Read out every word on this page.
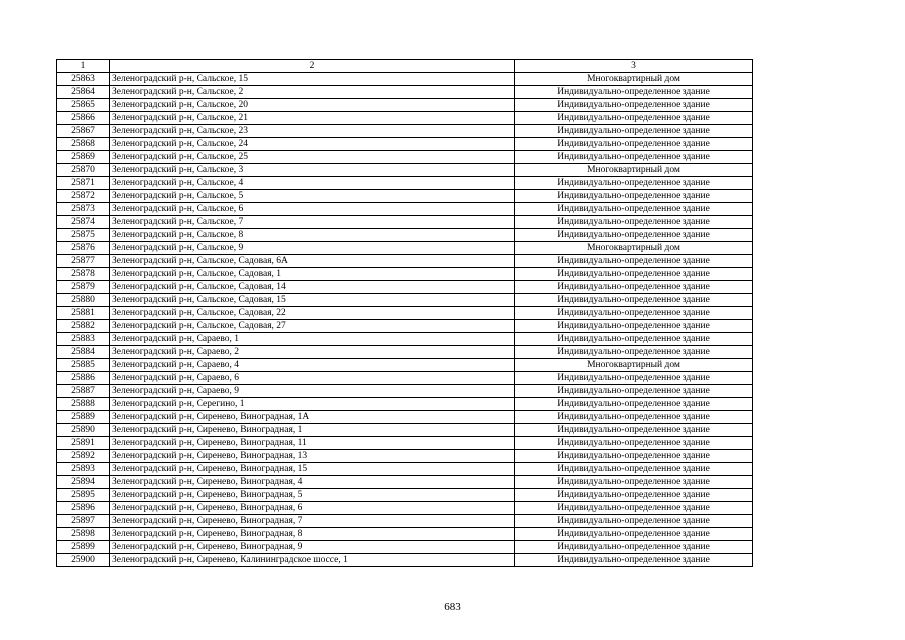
1	2	3
25863	Зеленоградский р-н, Сальское, 15	Многоквартирный дом
25864	Зеленоградский р-н, Сальское, 2	Индивидуально-определенное здание
25865	Зеленоградский р-н, Сальское, 20	Индивидуально-определенное здание
25866	Зеленоградский р-н, Сальское, 21	Индивидуально-определенное здание
25867	Зеленоградский р-н, Сальское, 23	Индивидуально-определенное здание
25868	Зеленоградский р-н, Сальское, 24	Индивидуально-определенное здание
25869	Зеленоградский р-н, Сальское, 25	Индивидуально-определенное здание
25870	Зеленоградский р-н, Сальское, 3	Многоквартирный дом
25871	Зеленоградский р-н, Сальское, 4	Индивидуально-определенное здание
25872	Зеленоградский р-н, Сальское, 5	Индивидуально-определенное здание
25873	Зеленоградский р-н, Сальское, 6	Индивидуально-определенное здание
25874	Зеленоградский р-н, Сальское, 7	Индивидуально-определенное здание
25875	Зеленоградский р-н, Сальское, 8	Индивидуально-определенное здание
25876	Зеленоградский р-н, Сальское, 9	Многоквартирный дом
25877	Зеленоградский р-н, Сальское, Садовая, 6А	Индивидуально-определенное здание
25878	Зеленоградский р-н, Сальское, Садовая, 1	Индивидуально-определенное здание
25879	Зеленоградский р-н, Сальское, Садовая, 14	Индивидуально-определенное здание
25880	Зеленоградский р-н, Сальское, Садовая, 15	Индивидуально-определенное здание
25881	Зеленоградский р-н, Сальское, Садовая, 22	Индивидуально-определенное здание
25882	Зеленоградский р-н, Сальское, Садовая, 27	Индивидуально-определенное здание
25883	Зеленоградский р-н, Сараево, 1	Индивидуально-определенное здание
25884	Зеленоградский р-н, Сараево, 2	Индивидуально-определенное здание
25885	Зеленоградский р-н, Сараево, 4	Многоквартирный дом
25886	Зеленоградский р-н, Сараево, 6	Индивидуально-определенное здание
25887	Зеленоградский р-н, Сараево, 9	Индивидуально-определенное здание
25888	Зеленоградский р-н, Серегино, 1	Индивидуально-определенное здание
25889	Зеленоградский р-н, Сиренево, Виноградная, 1А	Индивидуально-определенное здание
25890	Зеленоградский р-н, Сиренево, Виноградная, 1	Индивидуально-определенное здание
25891	Зеленоградский р-н, Сиренево, Виноградная, 11	Индивидуально-определенное здание
25892	Зеленоградский р-н, Сиренево, Виноградная, 13	Индивидуально-определенное здание
25893	Зеленоградский р-н, Сиренево, Виноградная, 15	Индивидуально-определенное здание
25894	Зеленоградский р-н, Сиренево, Виноградная, 4	Индивидуально-определенное здание
25895	Зеленоградский р-н, Сиренево, Виноградная, 5	Индивидуально-определенное здание
25896	Зеленоградский р-н, Сиренево, Виноградная, 6	Индивидуально-определенное здание
25897	Зеленоградский р-н, Сиренево, Виноградная, 7	Индивидуально-определенное здание
25898	Зеленоградский р-н, Сиренево, Виноградная, 8	Индивидуально-определенное здание
25899	Зеленоградский р-н, Сиренево, Виноградная, 9	Индивидуально-определенное здание
25900	Зеленоградский р-н, Сиренево, Калининградское шоссе, 1	Индивидуально-определенное здание
683
